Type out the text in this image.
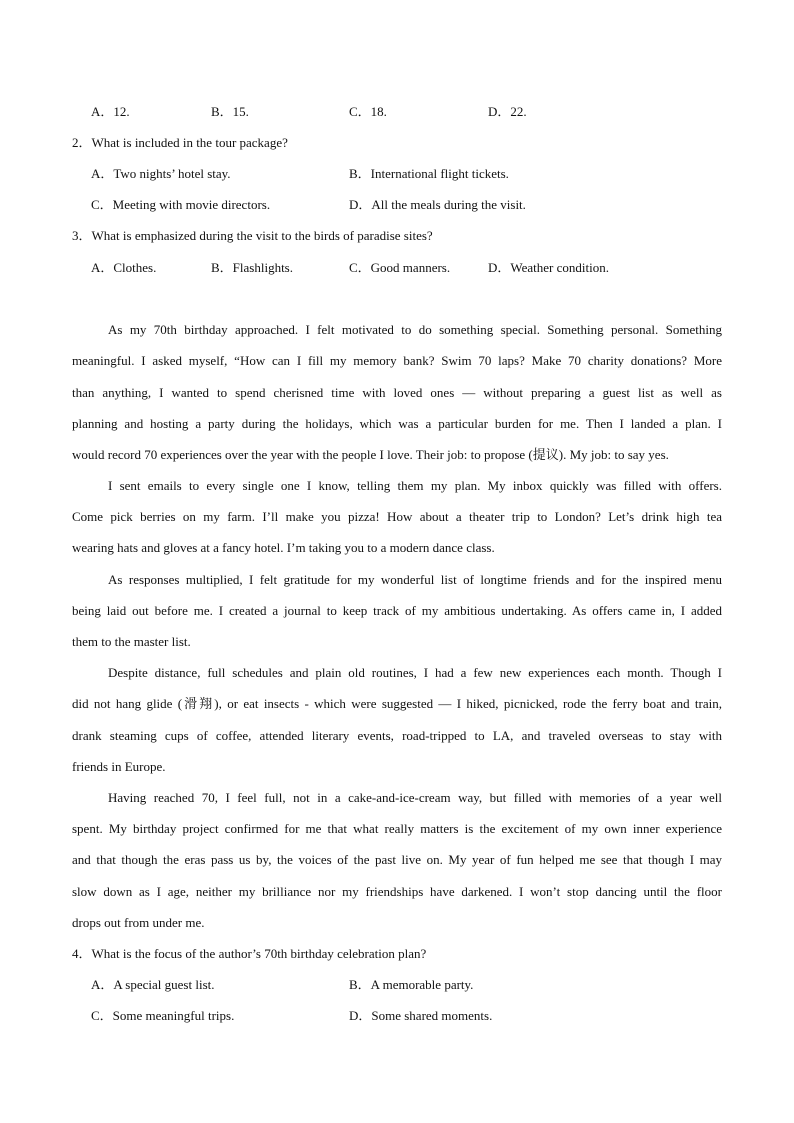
A．12.	B．15.	C．18.	D．22.
2．What is included in the tour package?
A．Two nights’ hotel stay.	B．International flight tickets.
C．Meeting with movie directors.	D．All the meals during the visit.
3．What is emphasized during the visit to the birds of paradise sites?
A．Clothes.	B．Flashlights.	C．Good manners.	D．Weather condition.
As my 70th birthday approached. I felt motivated to do something special. Something personal. Something
meaningful. I asked myself, “How can I fill my memory bank? Swim 70 laps? Make 70 charity donations? More
than anything, I wanted to spend cherisned time with loved ones — without preparing a guest list as well as
planning and hosting a party during the holidays, which was a particular burden for me. Then I landed a plan. I
would record 70 experiences over the year with the people I love. Their job: to propose (提议). My job: to say yes.
I sent emails to every single one I know, telling them my plan. My inbox quickly was filled with offers.
Come pick berries on my farm. I’ll make you pizza! How about a theater trip to London? Let’s drink high tea
wearing hats and gloves at a fancy hotel. I’m taking you to a modern dance class.
As responses multiplied, I felt gratitude for my wonderful list of longtime friends and for the inspired menu
being laid out before me. I created a journal to keep track of my ambitious undertaking. As offers came in, I added
them to the master list.
Despite distance, full schedules and plain old routines, I had a few new experiences each month. Though I
did not hang glide (滑翔), or eat insects - which were suggested — I hiked, picnicked, rode the ferry boat and train,
drank steaming cups of coffee, attended literary events, road-tripped to LA, and traveled overseas to stay with
friends in Europe.
Having reached 70, I feel full, not in a cake-and-ice-cream way, but filled with memories of a year well
spent. My birthday project confirmed for me that what really matters is the excitement of my own inner experience
and that though the eras pass us by, the voices of the past live on. My year of fun helped me see that though I may
slow down as I age, neither my brilliance nor my friendships have darkened. I won’t stop dancing until the floor
drops out from under me.
4．What is the focus of the author’s 70th birthday celebration plan?
A．A special guest list.	B．A memorable party.
C．Some meaningful trips.	D．Some shared moments.
